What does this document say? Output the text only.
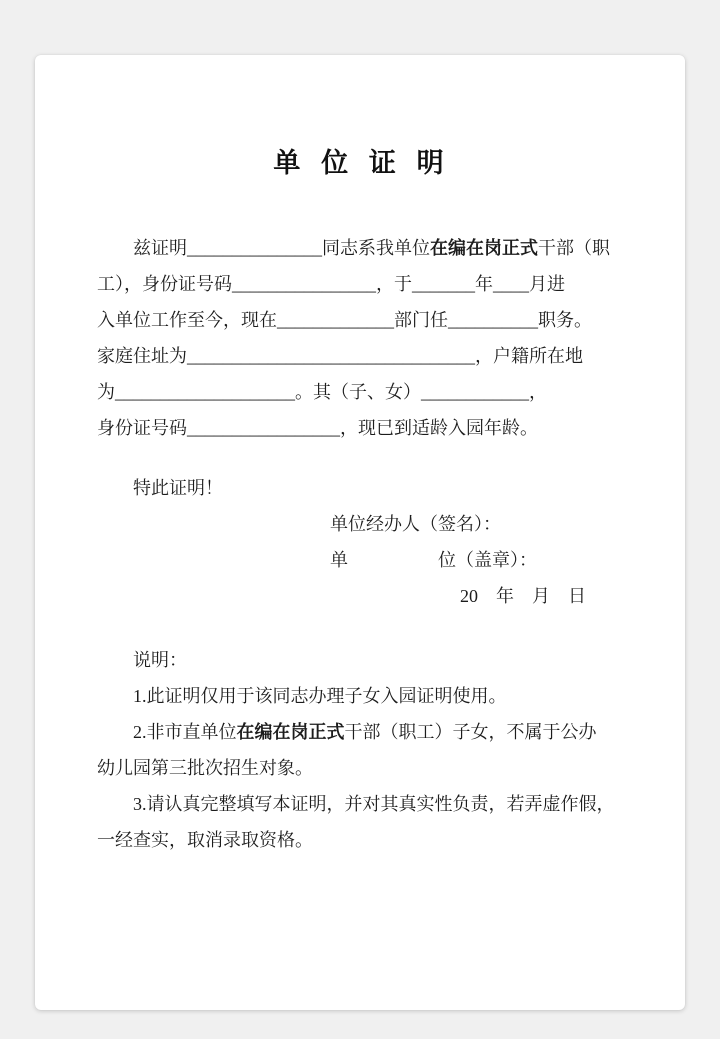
单 位 证 明

兹证明_______________同志系我单位在编在岗正式干部（职

工），身份证号码________________，于_______年____月进

入单位工作至今，现在_____________部门任__________职务。

家庭住址为________________________________，户籍所在地

为____________________。其（子、女）____________，

身份证号码_________________，现已到适龄入园年龄。

特此证明！

单位经办人（签名）：

单                    位（盖章）：

20    年    月    日

说明：

1.此证明仅用于该同志办理子女入园证明使用。

2.非市直单位在编在岗正式干部（职工）子女，不属于公办

幼儿园第三批次招生对象。

3.请认真完整填写本证明，并对其真实性负责，若弄虚作假，

一经查实，取消录取资格。
